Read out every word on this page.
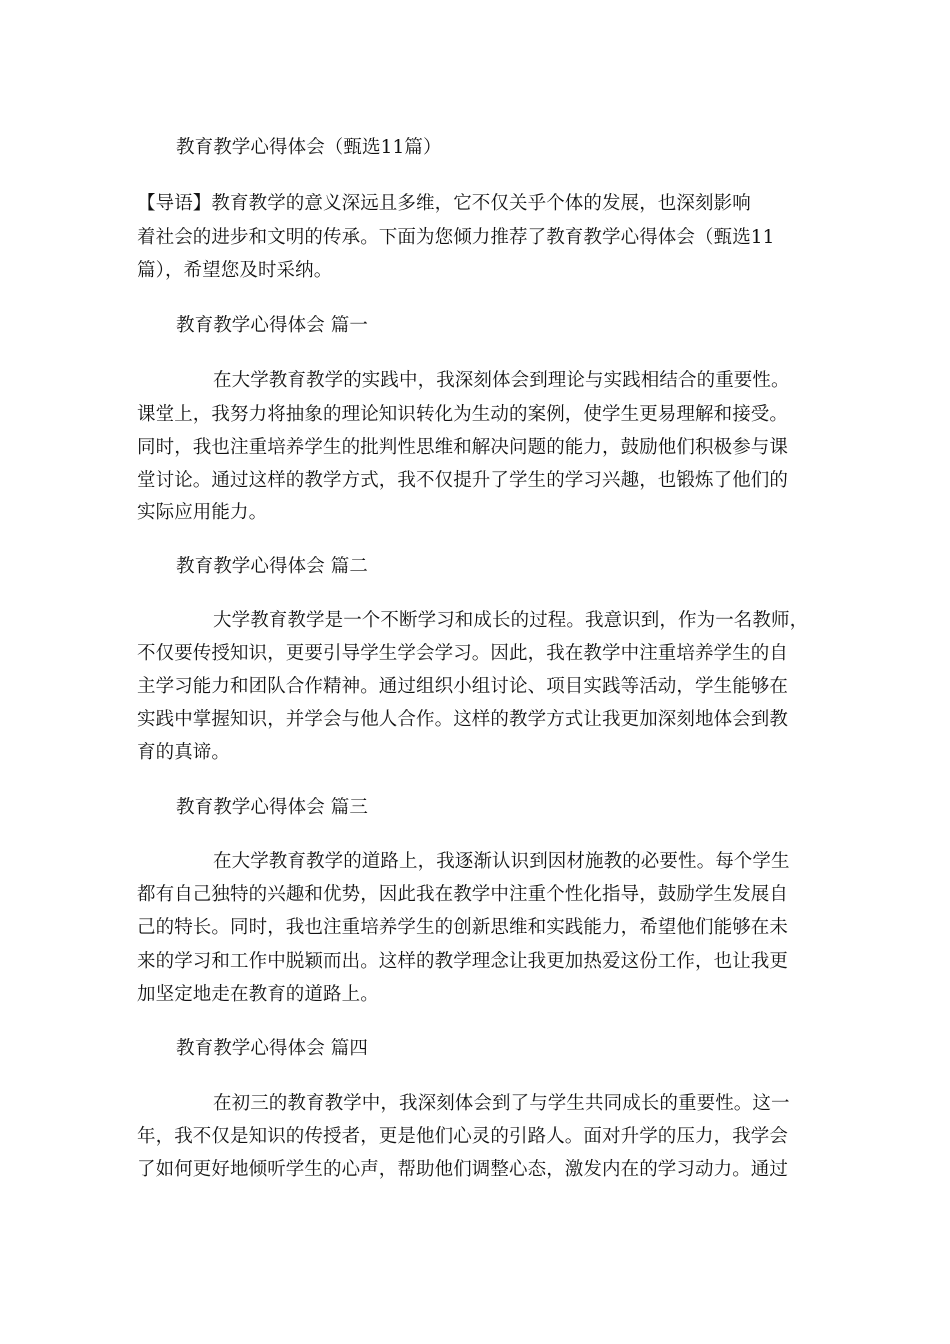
教育教学心得体会（甄选11篇）
【导语】教育教学的意义深远且多维，它不仅关乎个体的发展，也深刻影响
着社会的进步和文明的传承。下面为您倾力推荐了教育教学心得体会（甄选11
篇），希望您及时采纳。
教育教学心得体会 篇一
在大学教育教学的实践中，我深刻体会到理论与实践相结合的重要性。
课堂上，我努力将抽象的理论知识转化为生动的案例，使学生更易理解和接受。
同时，我也注重培养学生的批判性思维和解决问题的能力，鼓励他们积极参与课
堂讨论。通过这样的教学方式，我不仅提升了学生的学习兴趣，也锻炼了他们的
实际应用能力。
教育教学心得体会 篇二
大学教育教学是一个不断学习和成长的过程。我意识到，作为一名教师，
不仅要传授知识，更要引导学生学会学习。因此，我在教学中注重培养学生的自
主学习能力和团队合作精神。通过组织小组讨论、项目实践等活动，学生能够在
实践中掌握知识，并学会与他人合作。这样的教学方式让我更加深刻地体会到教
育的真谛。
教育教学心得体会 篇三
在大学教育教学的道路上，我逐渐认识到因材施教的必要性。每个学生
都有自己独特的兴趣和优势，因此我在教学中注重个性化指导，鼓励学生发展自
己的特长。同时，我也注重培养学生的创新思维和实践能力，希望他们能够在未
来的学习和工作中脱颖而出。这样的教学理念让我更加热爱这份工作，也让我更
加坚定地走在教育的道路上。
教育教学心得体会 篇四
在初三的教育教学中，我深刻体会到了与学生共同成长的重要性。这一
年，我不仅是知识的传授者，更是他们心灵的引路人。面对升学的压力，我学会
了如何更好地倾听学生的心声，帮助他们调整心态，激发内在的学习动力。通过
